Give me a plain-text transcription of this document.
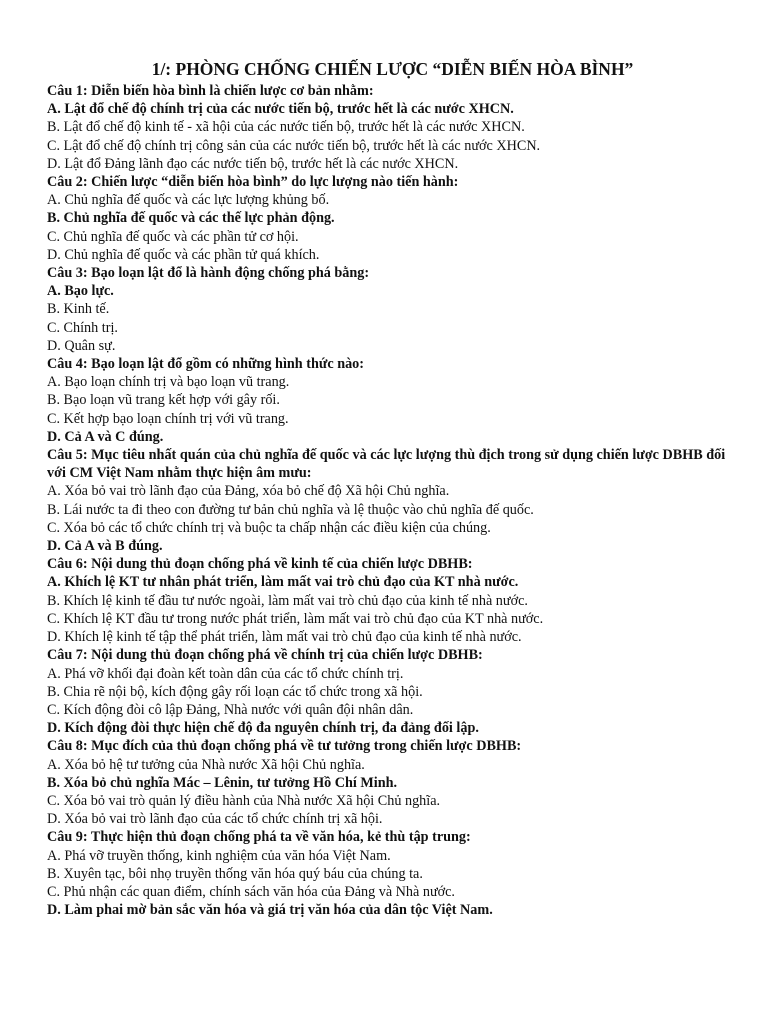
1/: PHÒNG CHỐNG CHIẾN LƯỢC “DIỄN BIẾN HÒA BÌNH”
Câu 1: Diễn biến hòa bình là chiến lược cơ bản nhằm:
A. Lật đổ chế độ chính trị của các nước tiến bộ, trước hết là các nước XHCN.
B. Lật đổ chế độ kinh tế - xã hội của các nước tiến bộ, trước hết là các nước XHCN.
C. Lật đổ chế độ chính trị công sản của các nước tiến bộ, trước hết là các nước XHCN.
D. Lật đổ Đảng lãnh đạo các nước tiến bộ, trước hết là các nước XHCN.
Câu 2: Chiến lược “diễn biến hòa bình” do lực lượng nào tiến hành:
A. Chủ nghĩa đế quốc và các lực lượng khủng bố.
B. Chủ nghĩa đế quốc và các thế lực phản động.
C. Chủ nghĩa đế quốc và các phần tử cơ hội.
D. Chủ nghĩa đế quốc và các phần tử quá khích.
Câu 3: Bạo loạn lật đổ là hành động chống phá bằng:
A. Bạo lực.
B. Kinh tế.
C. Chính trị.
D. Quân sự.
Câu 4: Bạo loạn lật đổ gồm có những hình thức nào:
A. Bạo loạn chính trị và bạo loạn vũ trang.
B. Bạo loạn vũ trang kết hợp với gây rối.
C. Kết hợp bạo loạn chính trị với vũ trang.
D. Cả A và C đúng.
Câu 5: Mục tiêu nhất quán của chủ nghĩa đế quốc và các lực lượng thù địch trong sử dụng chiến lược DBHB đối với CM Việt Nam nhằm thực hiện âm mưu:
A. Xóa bỏ vai trò lãnh đạo của Đảng, xóa bỏ chế độ Xã hội Chủ nghĩa.
B. Lái nước ta đi theo con đường tư bản chủ nghĩa và lệ thuộc vào chủ nghĩa đế quốc.
C. Xóa bỏ các tổ chức chính trị và buộc ta chấp nhận các điều kiện của chúng.
D. Cả A và B đúng.
Câu 6: Nội dung thủ đoạn chống phá về kinh tế của chiến lược DBHB:
A. Khích lệ KT tư nhân phát triển, làm mất vai trò chủ đạo của KT nhà nước.
B. Khích lệ kinh tế đầu tư nước ngoài, làm mất vai trò chủ đạo của kinh tế nhà nước.
C. Khích lệ KT đầu tư trong nước phát triển, làm mất vai trò chủ đạo của KT nhà nước.
D. Khích lệ kinh tế tập thể phát triển, làm mất vai trò chủ đạo của kinh tế nhà nước.
Câu 7: Nội dung thủ đoạn chống phá về chính trị của chiến lược DBHB:
A. Phá vỡ khối đại đoàn kết toàn dân của các tổ chức chính trị.
B. Chia rẽ nội bộ, kích động gây rối loạn các tổ chức trong xã hội.
C. Kích động đòi cô lập Đảng, Nhà nước với quân đội nhân dân.
D. Kích động đòi thực hiện chế độ đa nguyên chính trị, đa đảng đối lập.
Câu 8: Mục đích của thủ đoạn chống phá về tư tưởng trong chiến lược DBHB:
A. Xóa bỏ hệ tư tưởng của Nhà nước Xã hội Chủ nghĩa.
B. Xóa bỏ chủ nghĩa Mác – Lênin, tư tưởng Hồ Chí Minh.
C. Xóa bỏ vai trò quản lý điều hành của Nhà nước Xã hội Chủ nghĩa.
D. Xóa bỏ vai trò lãnh đạo của các tổ chức chính trị xã hội.
Câu 9: Thực hiện thủ đoạn chống phá ta về văn hóa, kẻ thù tập trung:
A. Phá vỡ truyền thống, kinh nghiệm của văn hóa Việt Nam.
B. Xuyên tạc, bôi nhọ truyền thống văn hóa quý báu của chúng ta.
C. Phủ nhận các quan điểm, chính sách văn hóa của Đảng và Nhà nước.
D. Làm phai mờ bản sắc văn hóa và giá trị văn hóa của dân tộc Việt Nam.
